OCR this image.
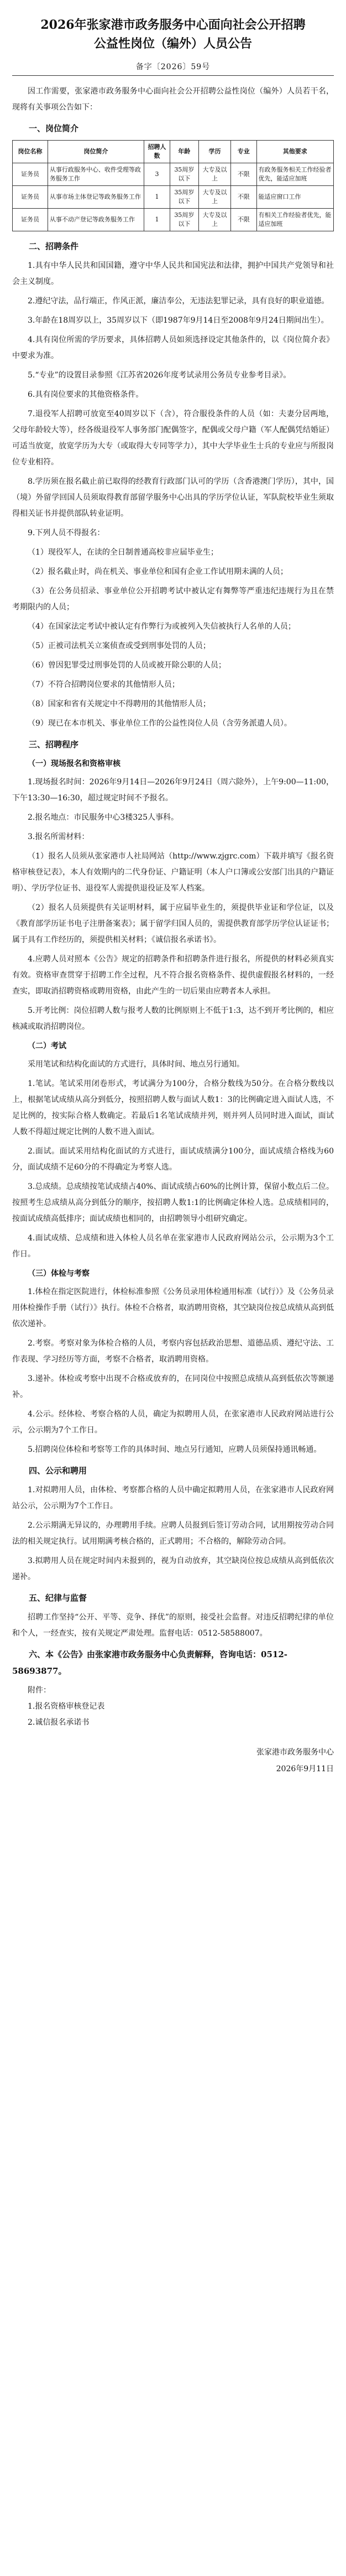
2026年张家港市政务服务中心面向社会公开招聘
公益性岗位（编外）人员公告

备字〔2026〕59号

因工作需要，张家港市政务服务中心面向社会公开招聘公益性岗位（编外）人员若干名，现将有关事项公告如下：

一、岗位简介

岗位名称	岗位简介	招聘人数	年龄	学历	专业	其他要求
证务员	从事行政服务中心、收件受理等政务服务工作	3	35周岁以下	大专及以上	不限	有政务服务相关工作经验者优先，能适应加班
证务员	从事市场主体登记等政务服务工作	1	35周岁以下	大专及以上	不限	能适应窗口工作
证务员	从事不动产登记等政务服务工作	1	35周岁以下	大专及以上	不限	有相关工作经验者优先，能适应加班

二、招聘条件

1.具有中华人民共和国国籍，遵守中华人民共和国宪法和法律，拥护中国共产党领导和社会主义制度。

2.遵纪守法，品行端正，作风正派，廉洁奉公，无违法犯罪记录，具有良好的职业道德。

3.年龄在18周岁以上，35周岁以下（即1987年9月14日至2008年9月24日期间出生）。

4.具有岗位所需的学历要求，具体招聘人员如须选择设定其他条件的，以《岗位简介表》中要求为准。

5.“专业”的设置目录参照《江苏省2026年度考试录用公务员专业参考目录》。

6.具有岗位要求的其他资格条件。

7.退役军人招聘可放宽至40周岁以下（含），符合服役条件的人员（如：夫妻分居两地，父母年龄较大等），经各级退役军人事务部门配偶签字，配偶或父母户籍（军人配偶凭结婚证）可适当放宽，放宽学历为大专（或取得大专同等学力），其中大学毕业生士兵的专业应与所报岗位专业相符。

8.学历须在报名截止前已取得的经教育行政部门认可的学历（含香港澳门学历），其中，国（境）外留学回国人员须取得教育部留学服务中心出具的学历学位认证，军队院校毕业生须取得相关证书并提供部队转业证明。

9.下列人员不得报名：

（1）现役军人，在读的全日制普通高校非应届毕业生；

（2）报名截止时，尚在机关、事业单位和国有企业工作试用期未满的人员；

（3）在公务员招录、事业单位公开招聘考试中被认定有舞弊等严重违纪违规行为且在禁考期限内的人员；

（4）在国家法定考试中被认定有作弊行为或被列入失信被执行人名单的人员；

（5）正被司法机关立案侦查或受到刑事处罚的人员；

（6）曾因犯罪受过刑事处罚的人员或被开除公职的人员；

（7）不符合招聘岗位要求的其他情形人员；

（8）国家和省有关规定中不得聘用的其他情形人员；

（9）现已在本市机关、事业单位工作的公益性岗位人员（含劳务派遣人员）。

三、招聘程序

（一）现场报名和资格审核

1.现场报名时间：2026年9月14日—2026年9月24日（周六除外），上午9:00—11:00，下午13:30—16:30，超过规定时间不予报名。

2.报名地点：市民服务中心3楼325人事科。

3.报名所需材料：

（1）报名人员须从张家港市人社局网站（http://www.zjgrc.com）下载并填写《报名资格审核登记表》，本人有效期内的二代身份证、户籍证明（本人户口簿或公安部门出具的户籍证明）、学历学位证书、退役军人需提供退役证及军人档案。

（2）报名人员须提供有关证明材料，属于应届毕业生的，须提供毕业证和学位证，以及《教育部学历证书电子注册备案表》；属于留学归国人员的，需提供教育部学历学位认证证书；属于具有工作经历的，须提供相关材料；《诚信报名承诺书》。

4.应聘人员对照本《公告》规定的招聘条件和招聘条件进行报名，所提供的材料必须真实有效。资格审查贯穿于招聘工作全过程，凡不符合报名资格条件、提供虚假报名材料的，一经查实，即取消招聘资格或聘用资格，由此产生的一切后果由应聘者本人承担。

5.开考比例：岗位招聘人数与报考人数的比例原则上不低于1:3，达不到开考比例的，相应核减或取消招聘岗位。

（二）考试

采用笔试和结构化面试的方式进行，具体时间、地点另行通知。

1.笔试。笔试采用闭卷形式，考试满分为100分，合格分数线为50分。在合格分数线以上，根据笔试成绩从高分到低分，按照招聘人数与面试人数1：3的比例确定进入面试人选，不足比例的，按实际合格人数确定。若最后1名笔试成绩并列，则并列人员同时进入面试，面试人数不得超过规定比例的人数不进入面试。

2.面试。面试采用结构化面试的方式进行，面试成绩满分100分，面试成绩合格线为60分，面试成绩不足60分的不得确定为考察人选。

3.总成绩。总成绩按笔试成绩占40%、面试成绩占60%的比例计算，保留小数点后二位。按照考生总成绩从高分到低分的顺序，按招聘人数1:1的比例确定体检人选。总成绩相同的，按面试成绩高低排序；面试成绩也相同的，由招聘领导小组研究确定。

4.面试成绩、总成绩和进入体检人员名单在张家港市人民政府网站公示，公示期为3个工作日。

（三）体检与考察

1.体检在指定医院进行，体检标准参照《公务员录用体检通用标准（试行）》及《公务员录用体检操作手册（试行）》执行。体检不合格者，取消聘用资格，其空缺岗位按总成绩从高到低依次递补。

2.考察。考察对象为体检合格的人员，考察内容包括政治思想、道德品质、遵纪守法、工作表现、学习经历等方面，考察不合格者，取消聘用资格。

3.递补。体检或考察中出现不合格或放弃的，在同岗位中按照总成绩从高到低依次等额递补。

4.公示。经体检、考察合格的人员，确定为拟聘用人员，在张家港市人民政府网站进行公示，公示期为7个工作日。

5.招聘岗位体检和考察等工作的具体时间、地点另行通知，应聘人员须保持通讯畅通。

四、公示和聘用

1.对拟聘用人员，由体检、考察都合格的人员中确定拟聘用人员，在张家港市人民政府网站公示，公示期为7个工作日。

2.公示期满无异议的，办理聘用手续。应聘人员报到后签订劳动合同，试用期按劳动合同法的相关规定执行。试用期满考核合格的，正式聘用；不合格的，解除劳动合同。

3.拟聘用人员在规定时间内未报到的，视为自动放弃，其空缺岗位按总成绩从高到低依次递补。

五、纪律与监督

招聘工作坚持“公开、平等、竞争、择优”的原则，接受社会监督。对违反招聘纪律的单位和个人，一经查实，按有关规定严肃处理。监督电话：0512-58588007。

六、本《公告》由张家港市政务服务中心负责解释，咨询电话：0512-58693877。

附件：

1.报名资格审核登记表

2.诚信报名承诺书

张家港市政务服务中心
2026年9月11日
